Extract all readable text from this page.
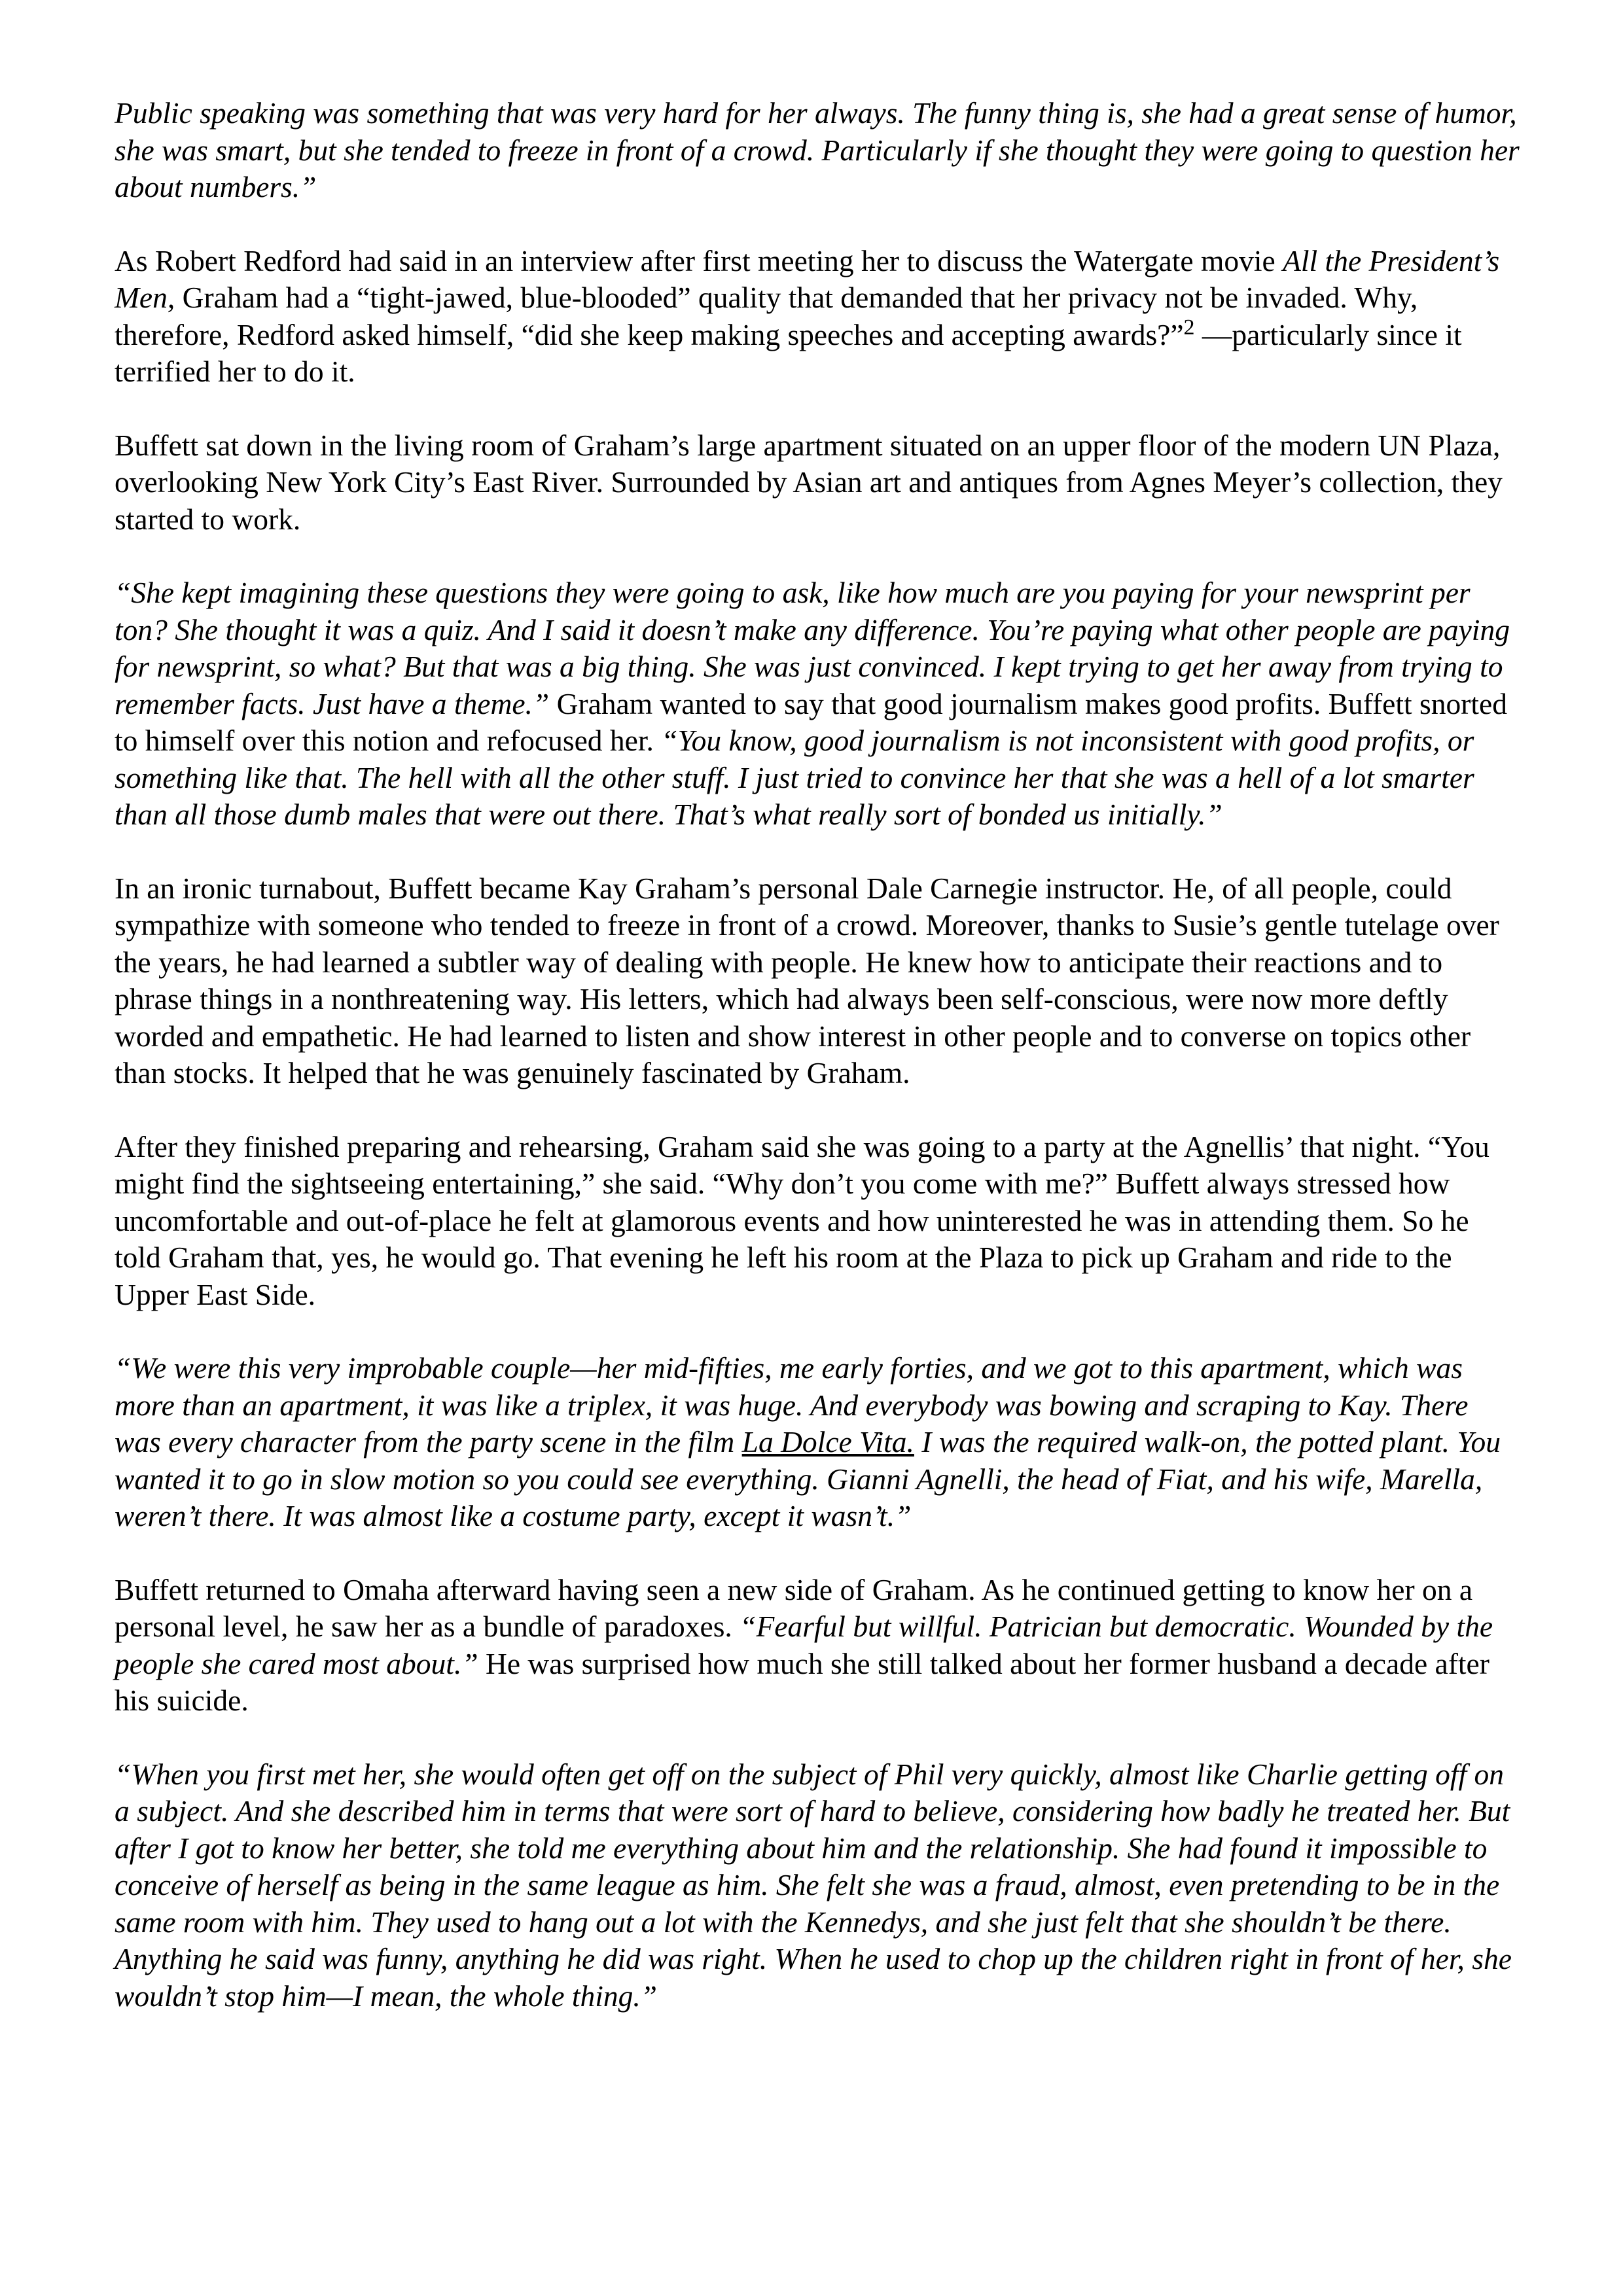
Public speaking was something that was very hard for her always. The funny thing is, she had a great sense of humor, she was smart, but she tended to freeze in front of a crowd. Particularly if she thought they were going to question her about numbers.”

As Robert Redford had said in an interview after first meeting her to discuss the Watergate movie All the President’s Men, Graham had a “tight-jawed, blue-blooded” quality that demanded that her privacy not be invaded. Why, therefore, Redford asked himself, “did she keep making speeches and accepting awards?”$^2$ —particularly since it terrified her to do it.

Buffett sat down in the living room of Graham’s large apartment situated on an upper floor of the modern UN Plaza, overlooking New York City’s East River. Surrounded by Asian art and antiques from Agnes Meyer’s collection, they started to work.

“She kept imagining these questions they were going to ask, like how much are you paying for your newsprint per ton? She thought it was a quiz. And I said it doesn’t make any difference. You’re paying what other people are paying for newsprint, so what? But that was a big thing. She was just convinced. I kept trying to get her away from trying to remember facts. Just have a theme.” Graham wanted to say that good journalism makes good profits. Buffett snorted to himself over this notion and refocused her. “You know, good journalism is not inconsistent with good profits, or something like that. The hell with all the other stuff. I just tried to convince her that she was a hell of a lot smarter than all those dumb males that were out there. That’s what really sort of bonded us initially.”

In an ironic turnabout, Buffett became Kay Graham’s personal Dale Carnegie instructor. He, of all people, could sympathize with someone who tended to freeze in front of a crowd. Moreover, thanks to Susie’s gentle tutelage over the years, he had learned a subtler way of dealing with people. He knew how to anticipate their reactions and to phrase things in a nonthreatening way. His letters, which had always been self-conscious, were now more deftly worded and empathetic. He had learned to listen and show interest in other people and to converse on topics other than stocks. It helped that he was genuinely fascinated by Graham.

After they finished preparing and rehearsing, Graham said she was going to a party at the Agnellis’ that night. “You might find the sightseeing entertaining,” she said. “Why don’t you come with me?” Buffett always stressed how uncomfortable and out-of-place he felt at glamorous events and how uninterested he was in attending them. So he told Graham that, yes, he would go. That evening he left his room at the Plaza to pick up Graham and ride to the Upper East Side.

“We were this very improbable couple—her mid-fifties, me early forties, and we got to this apartment, which was more than an apartment, it was like a triplex, it was huge. And everybody was bowing and scraping to Kay. There was every character from the party scene in the film La Dolce Vita. I was the required walk-on, the potted plant. You wanted it to go in slow motion so you could see everything. Gianni Agnelli, the head of Fiat, and his wife, Marella, weren’t there. It was almost like a costume party, except it wasn’t.”

Buffett returned to Omaha afterward having seen a new side of Graham. As he continued getting to know her on a personal level, he saw her as a bundle of paradoxes. “Fearful but willful. Patrician but democratic. Wounded by the people she cared most about.” He was surprised how much she still talked about her former husband a decade after his suicide.

“When you first met her, she would often get off on the subject of Phil very quickly, almost like Charlie getting off on a subject. And she described him in terms that were sort of hard to believe, considering how badly he treated her. But after I got to know her better, she told me everything about him and the relationship. She had found it impossible to conceive of herself as being in the same league as him. She felt she was a fraud, almost, even pretending to be in the same room with him. They used to hang out a lot with the Kennedys, and she just felt that she shouldn’t be there. Anything he said was funny, anything he did was right. When he used to chop up the children right in front of her, she wouldn’t stop him—I mean, the whole thing.”
